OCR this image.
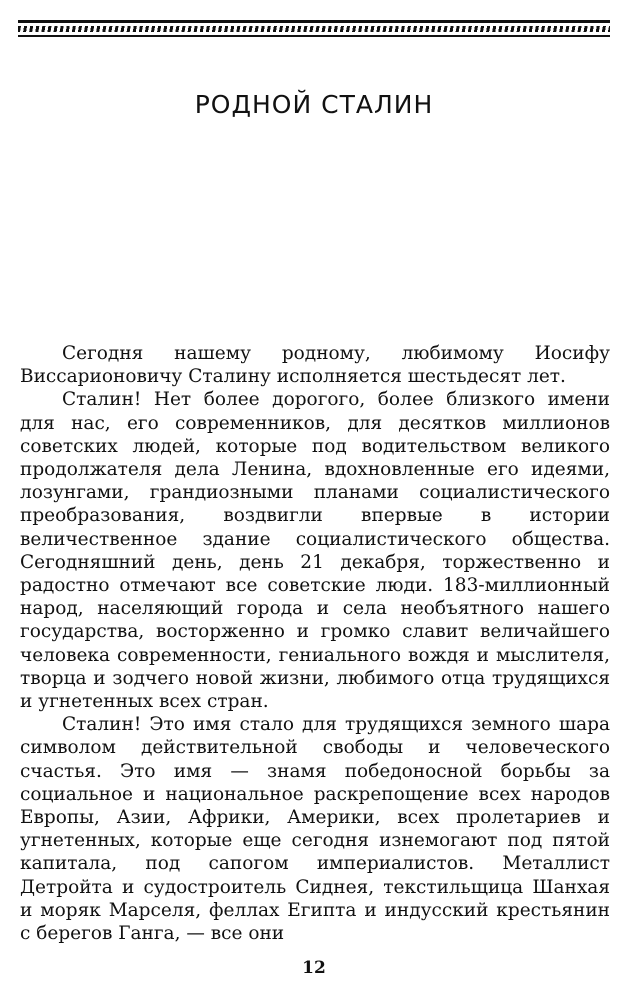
РОДНОЙ СТАЛИН

Сегодня нашему родному, любимому Иосифу Виссарионовичу Сталину исполняется шестьдесят лет.

Сталин! Нет более дорогого, более близкого имени для нас, его современников, для десятков миллионов советских людей, которые под водительством великого продолжателя дела Ленина, вдохновленные его идеями, лозунгами, грандиозными планами социалистического преобразования, воздвигли впервые в истории величественное здание социалистического общества. Сегодняшний день, день 21 декабря, торжественно и радостно отмечают все советские люди. 183-миллионный народ, населяющий города и села необъятного нашего государства, восторженно и громко славит величайшего человека современности, гениального вождя и мыслителя, творца и зодчего новой жизни, любимого отца трудящихся и угнетенных всех стран.

Сталин! Это имя стало для трудящихся земного шара символом действительной свободы и человеческого счастья. Это имя — знамя победоносной борьбы за социальное и национальное раскрепощение всех народов Европы, Азии, Африки, Америки, всех пролетариев и угнетенных, которые еще сегодня изнемогают под пятой капитала, под сапогом империалистов. Металлист Детройта и судостроитель Сиднея, текстильщица Шанхая и моряк Марселя, феллах Египта и индусский крестьянин с берегов Ганга, — все они

12
